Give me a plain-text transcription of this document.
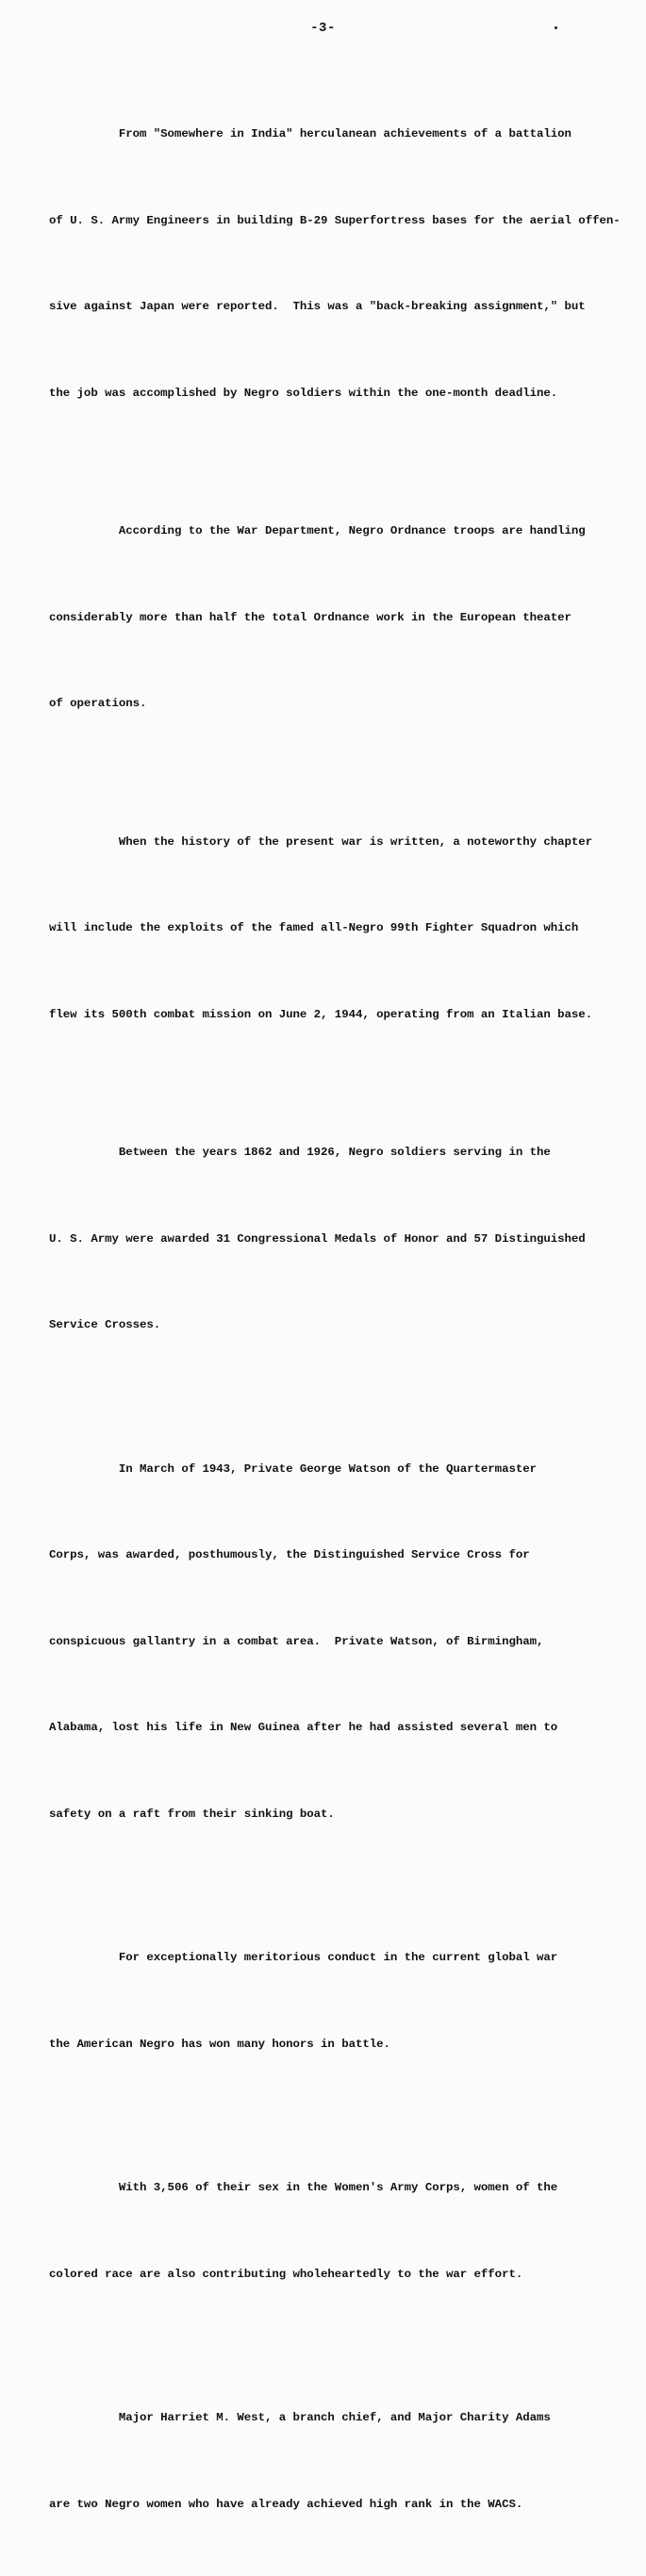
-3-

From "Somewhere in India" herculanean achievements of a battalion

of U. S. Army Engineers in building B-29 Superfortress bases for the aerial offen-

sive against Japan were reported.  This was a "back-breaking assignment," but

the job was accomplished by Negro soldiers within the one-month deadline.

According to the War Department, Negro Ordnance troops are handling

considerably more than half the total Ordnance work in the European theater

of operations.

When the history of the present war is written, a noteworthy chapter

will include the exploits of the famed all-Negro 99th Fighter Squadron which

flew its 500th combat mission on June 2, 1944, operating from an Italian base.

Between the years 1862 and 1926, Negro soldiers serving in the

U. S. Army were awarded 31 Congressional Medals of Honor and 57 Distinguished

Service Crosses.

In March of 1943, Private George Watson of the Quartermaster

Corps, was awarded, posthumously, the Distinguished Service Cross for

conspicuous gallantry in a combat area.  Private Watson, of Birmingham,

Alabama, lost his life in New Guinea after he had assisted several men to

safety on a raft from their sinking boat.

For exceptionally meritorious conduct in the current global war

the American Negro has won many honors in battle.

With 3,506 of their sex in the Women's Army Corps, women of the

colored race are also contributing wholeheartedly to the war effort.

Major Harriet M. West, a branch chief, and Major Charity Adams

are two Negro women who have already achieved high rank in the WACS.
